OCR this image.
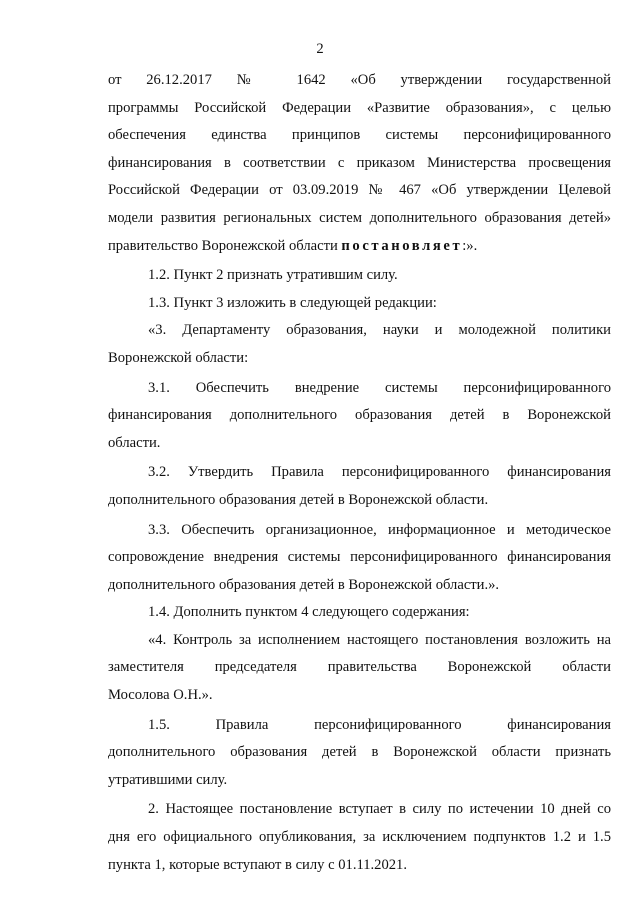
2

от 26.12.2017 № 1642 «Об утверждении государственной

программы Российской Федерации «Развитие образования», с целью

обеспечения единства принципов системы персонифицированного

финансирования в соответствии с приказом Министерства просвещения

Российской Федерации от 03.09.2019 № 467 «Об утверждении Целевой

модели развития региональных систем дополнительного образования детей»

правительство Воронежской области постановляет:».

1.2. Пункт 2 признать утратившим силу.

1.3. Пункт 3 изложить в следующей редакции:

«3. Департаменту образования, науки и молодежной политики

Воронежской области:

3.1. Обеспечить внедрение системы персонифицированного

финансирования дополнительного образования детей в Воронежской

области.

3.2. Утвердить Правила персонифицированного финансирования

дополнительного образования детей в Воронежской области.

3.3. Обеспечить организационное, информационное и методическое

сопровождение внедрения системы персонифицированного финансирования

дополнительного образования детей в Воронежской области.».

1.4. Дополнить пунктом 4 следующего содержания:

«4. Контроль за исполнением настоящего постановления возложить на

заместителя председателя правительства Воронежской области

Мосолова О.Н.».

1.5. Правила персонифицированного финансирования

дополнительного образования детей в Воронежской области признать

утратившими силу.

2. Настоящее постановление вступает в силу по истечении 10 дней со

дня его официального опубликования, за исключением подпунктов 1.2 и 1.5

пункта 1, которые вступают в силу с 01.11.2021.
